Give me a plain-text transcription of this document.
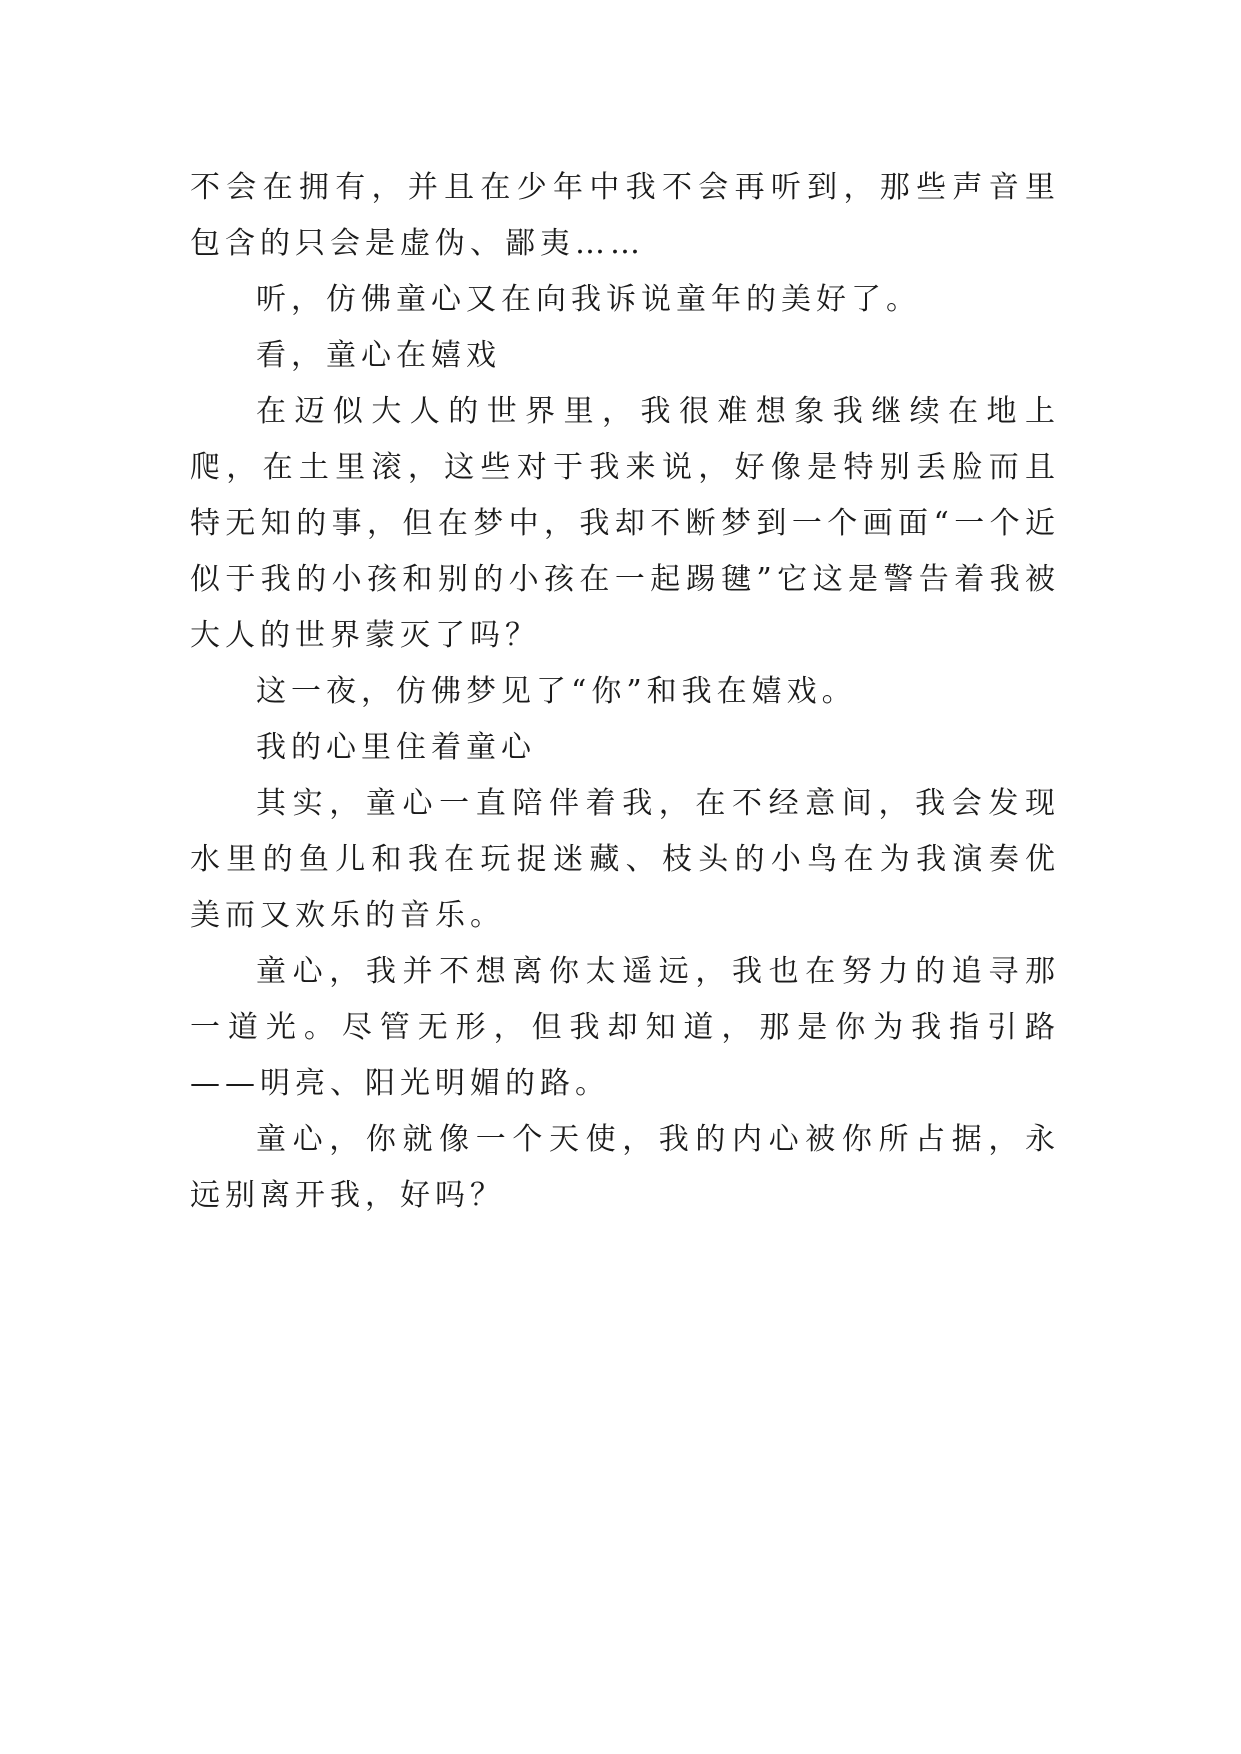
不会在拥有，并且在少年中我不会再听到，那些声音里包含的只会是虚伪、鄙夷……

听，仿佛童心又在向我诉说童年的美好了。

看，童心在嬉戏

在迈似大人的世界里，我很难想象我继续在地上爬，在土里滚，这些对于我来说，好像是特别丢脸而且特无知的事，但在梦中，我却不断梦到一个画面“一个近似于我的小孩和别的小孩在一起踢毽”它这是警告着我被大人的世界蒙灭了吗？

这一夜，仿佛梦见了“你”和我在嬉戏。

我的心里住着童心

其实，童心一直陪伴着我，在不经意间，我会发现水里的鱼儿和我在玩捉迷藏、枝头的小鸟在为我演奏优美而又欢乐的音乐。

童心，我并不想离你太遥远，我也在努力的追寻那一道光。尽管无形，但我却知道，那是你为我指引路——明亮、阳光明媚的路。

童心，你就像一个天使，我的内心被你所占据，永远别离开我，好吗？
